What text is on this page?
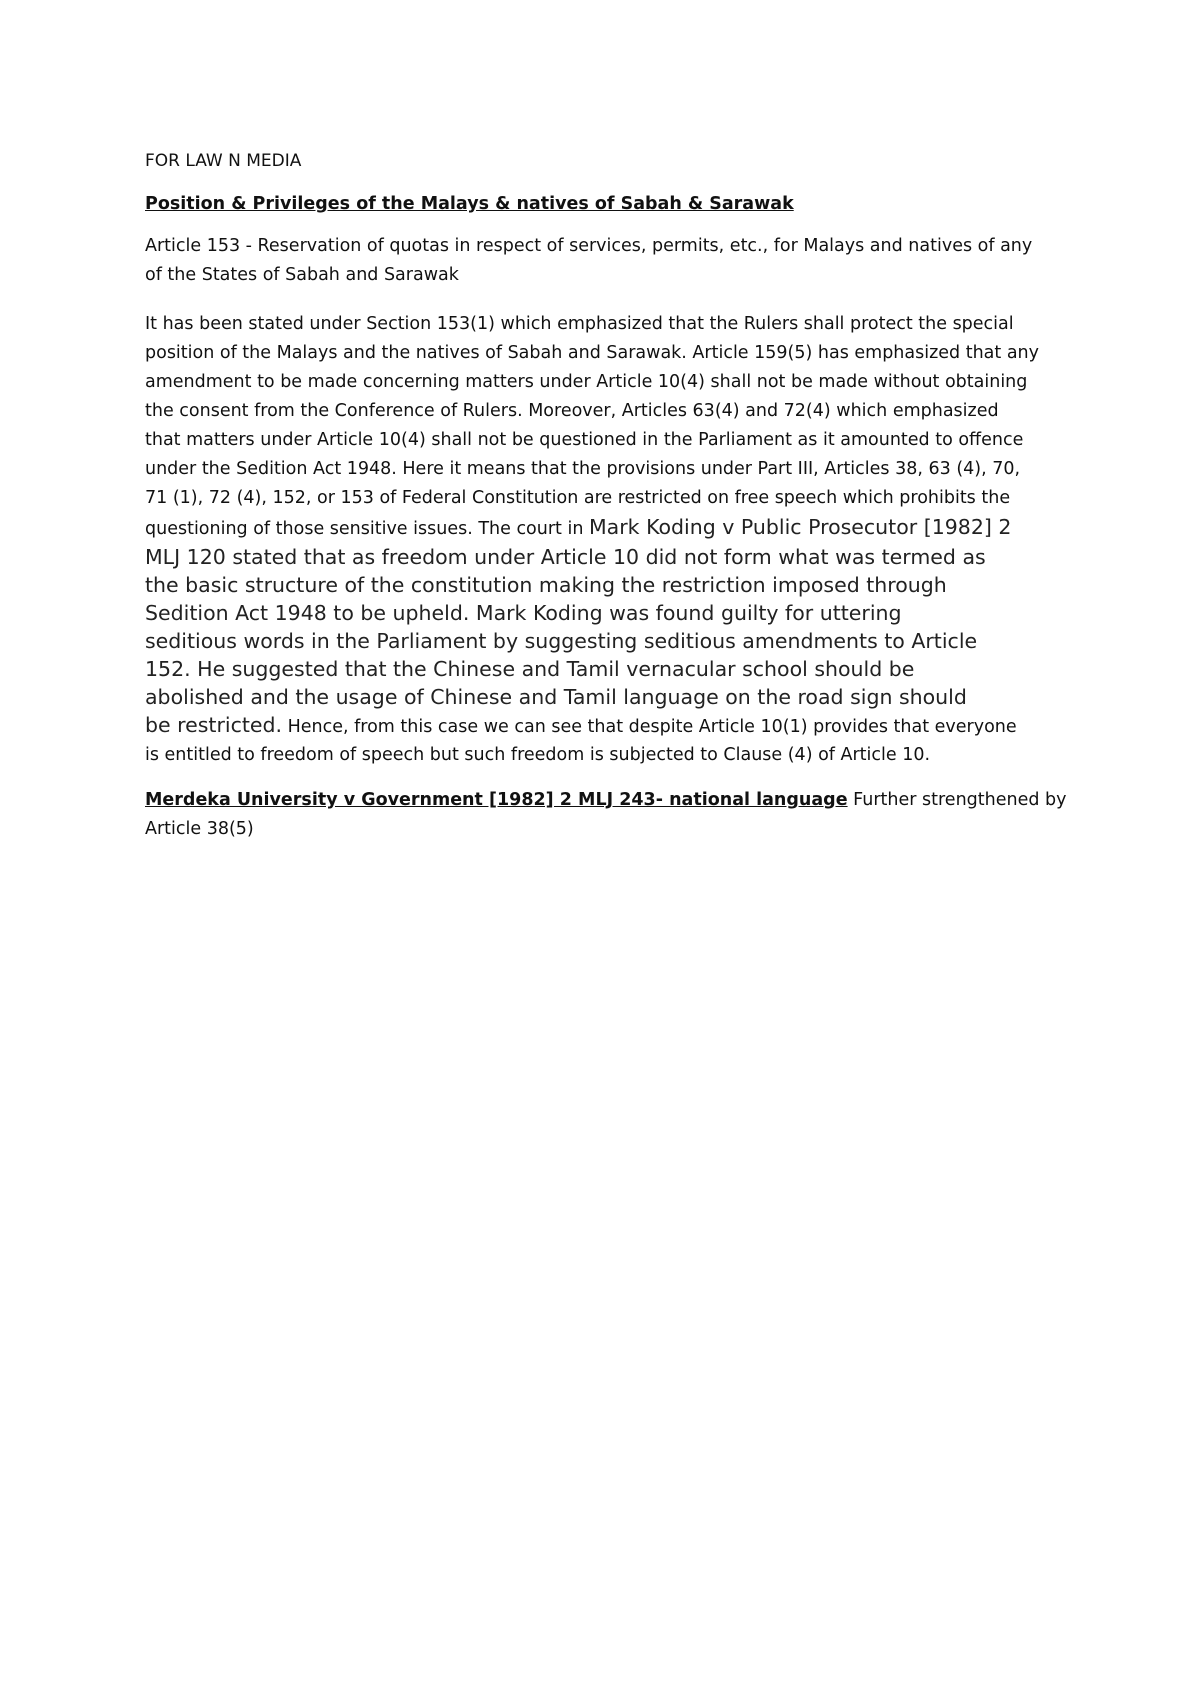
FOR LAW N MEDIA
Position & Privileges of the Malays & natives of Sabah & Sarawak
Article 153 - Reservation of quotas in respect of services, permits, etc., for Malays and natives of any
of the States of Sabah and Sarawak
It has been stated under Section 153(1) which emphasized that the Rulers shall protect the special
position of the Malays and the natives of Sabah and Sarawak. Article 159(5) has emphasized that any
amendment to be made concerning matters under Article 10(4) shall not be made without obtaining
the consent from the Conference of Rulers. Moreover, Articles 63(4) and 72(4) which emphasized
that matters under Article 10(4) shall not be questioned in the Parliament as it amounted to offence
under the Sedition Act 1948. Here it means that the provisions under Part III, Articles 38, 63 (4), 70,
71 (1), 72 (4), 152, or 153 of Federal Constitution are restricted on free speech which prohibits the
questioning of those sensitive issues. The court in Mark Koding v Public Prosecutor [1982] 2
MLJ 120 stated that as freedom under Article 10 did not form what was termed as
the basic structure of the constitution making the restriction imposed through
Sedition Act 1948 to be upheld. Mark Koding was found guilty for uttering
seditious words in the Parliament by suggesting seditious amendments to Article
152. He suggested that the Chinese and Tamil vernacular school should be
abolished and the usage of Chinese and Tamil language on the road sign should
be restricted. Hence, from this case we can see that despite Article 10(1) provides that everyone
is entitled to freedom of speech but such freedom is subjected to Clause (4) of Article 10.
Merdeka University v Government [1982] 2 MLJ 243- national language Further strengthened by
Article 38(5)
